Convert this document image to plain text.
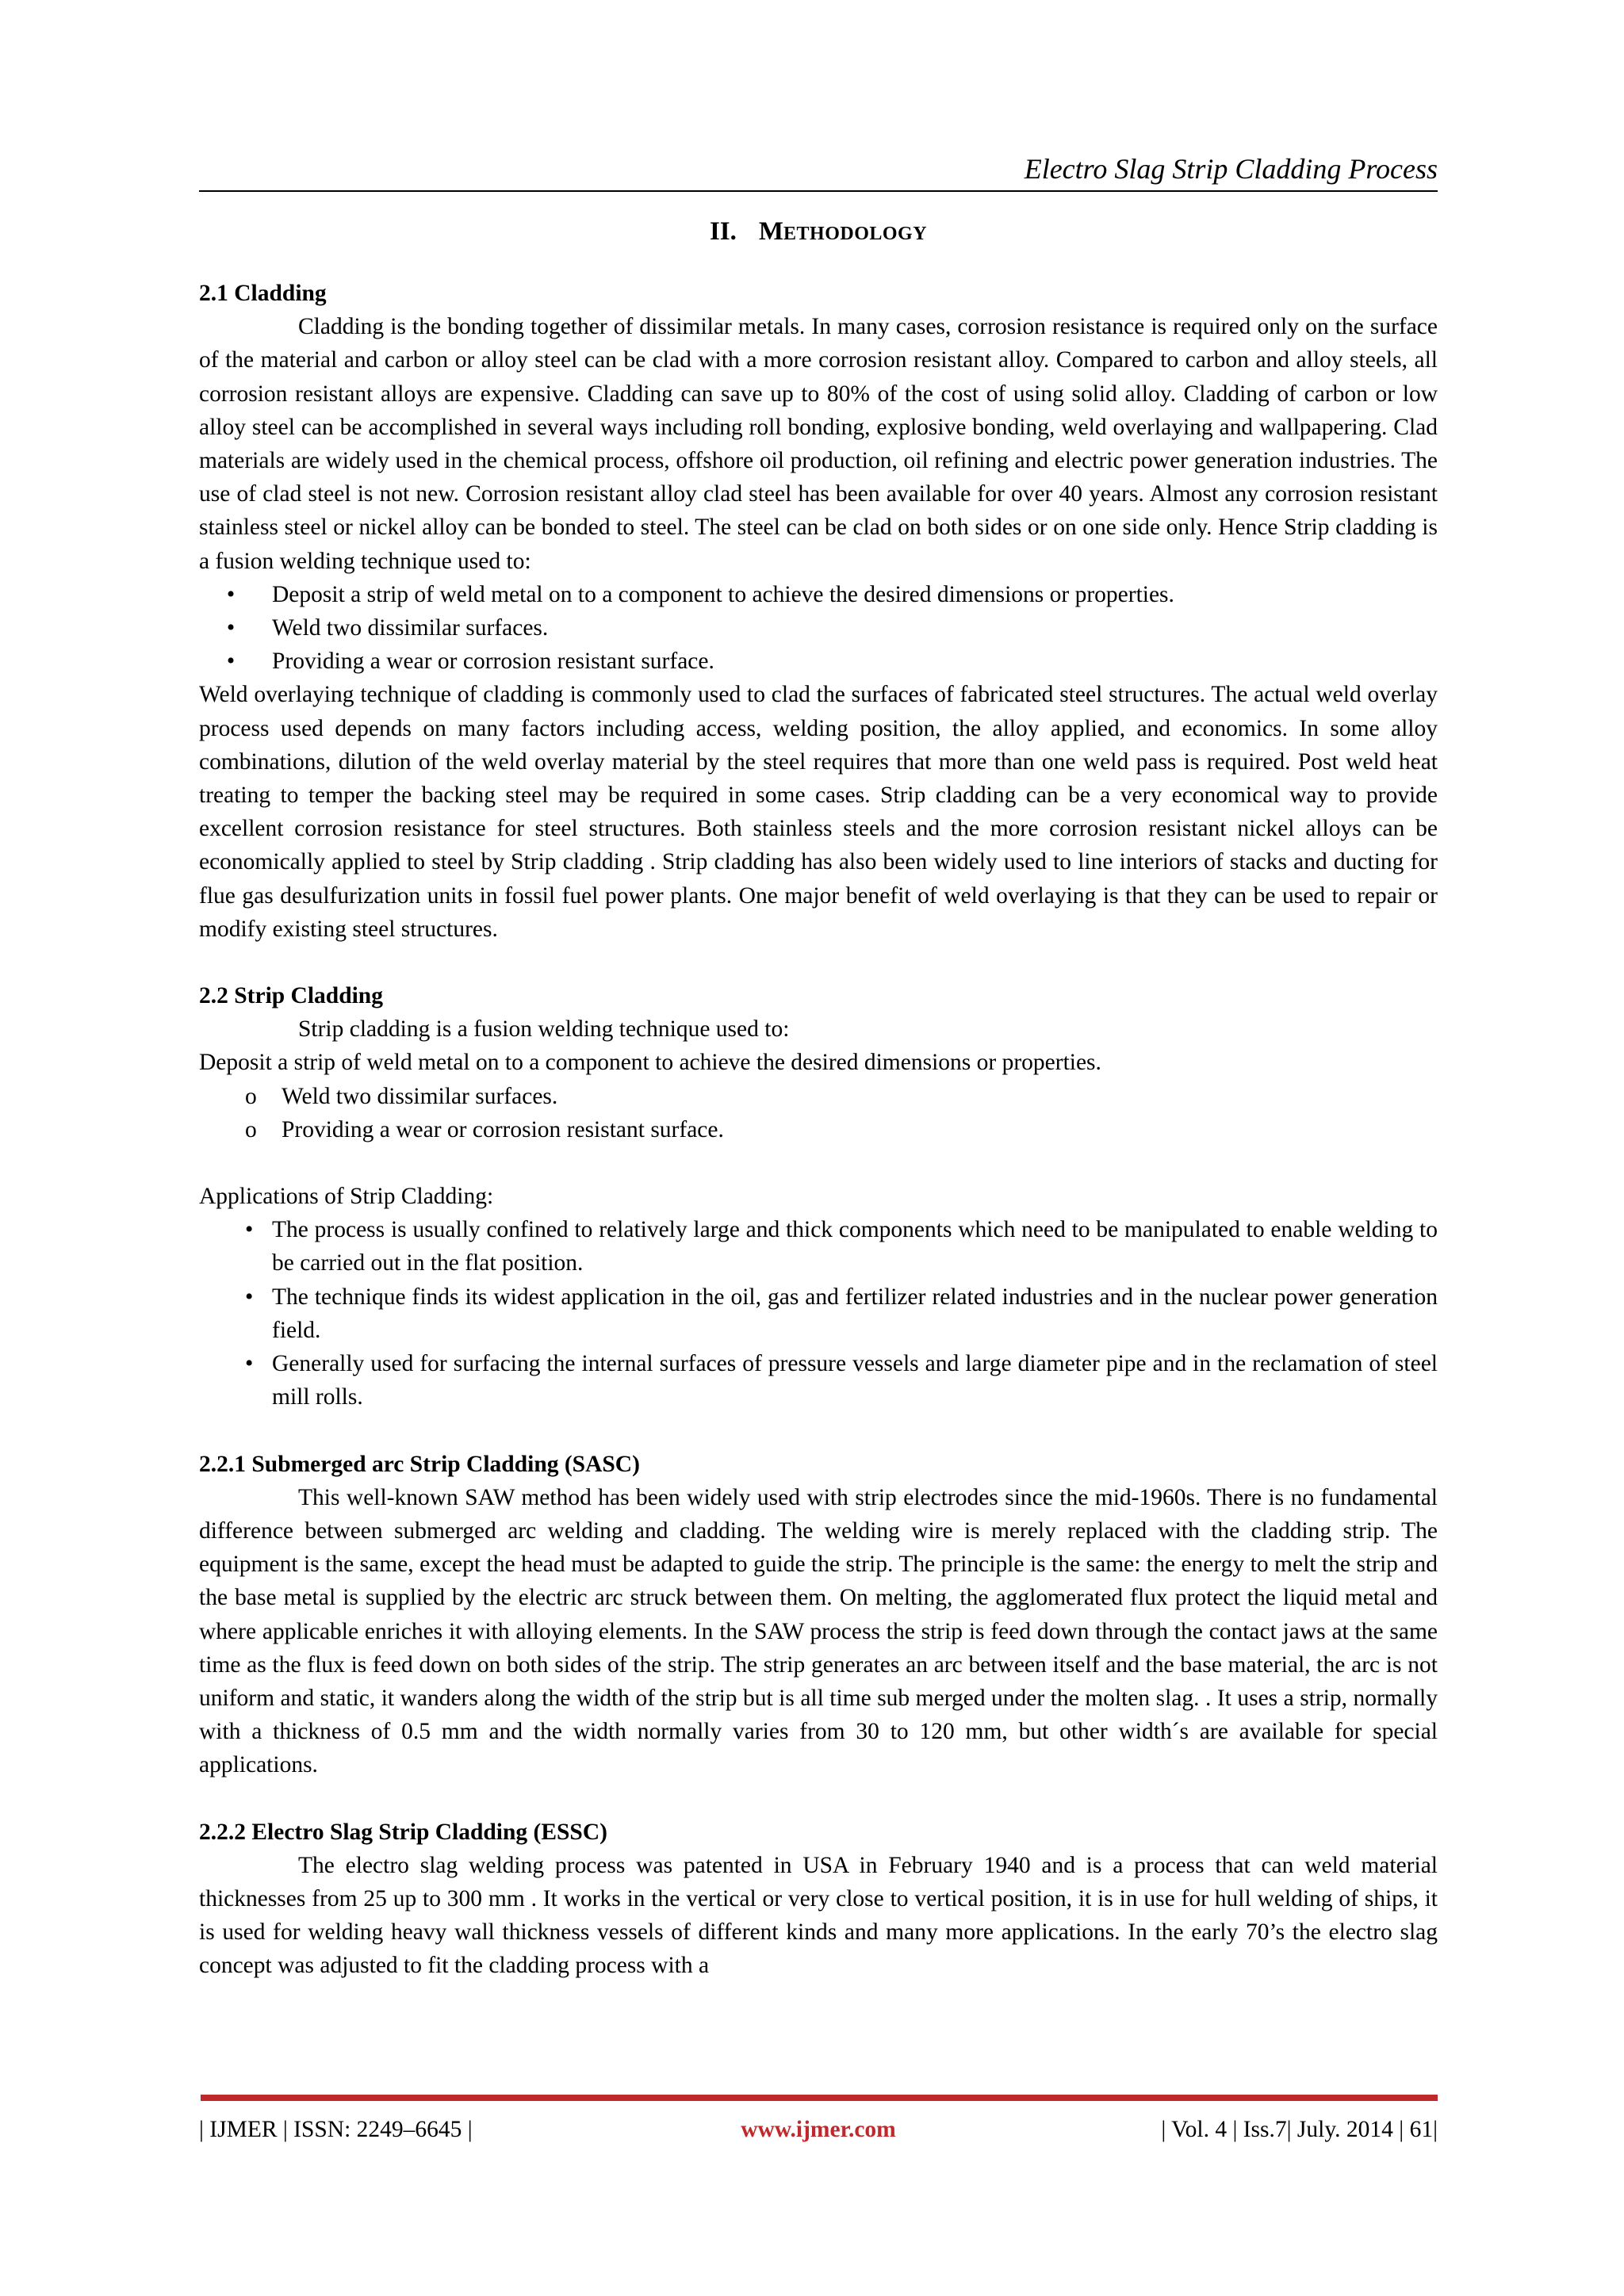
Electro Slag Strip Cladding Process
II. METHODOLOGY
2.1 Cladding

Cladding is the bonding together of dissimilar metals. In many cases, corrosion resistance is required only on the surface of the material and carbon or alloy steel can be clad with a more corrosion resistant alloy. Compared to carbon and alloy steels, all corrosion resistant alloys are expensive. Cladding can save up to 80% of the cost of using solid alloy. Cladding of carbon or low alloy steel can be accomplished in several ways including roll bonding, explosive bonding, weld overlaying and wallpapering. Clad materials are widely used in the chemical process, offshore oil production, oil refining and electric power generation industries. The use of clad steel is not new. Corrosion resistant alloy clad steel has been available for over 40 years. Almost any corrosion resistant stainless steel or nickel alloy can be bonded to steel. The steel can be clad on both sides or on one side only. Hence Strip cladding is a fusion welding technique used to:

• Deposit a strip of weld metal on to a component to achieve the desired dimensions or properties.
• Weld two dissimilar surfaces.
• Providing a wear or corrosion resistant surface.

Weld overlaying technique of cladding is commonly used to clad the surfaces of fabricated steel structures. The actual weld overlay process used depends on many factors including access, welding position, the alloy applied, and economics. In some alloy combinations, dilution of the weld overlay material by the steel requires that more than one weld pass is required. Post weld heat treating to temper the backing steel may be required in some cases. Strip cladding can be a very economical way to provide excellent corrosion resistance for steel structures. Both stainless steels and the more corrosion resistant nickel alloys can be economically applied to steel by Strip cladding . Strip cladding has also been widely used to line interiors of stacks and ducting for flue gas desulfurization units in fossil fuel power plants. One major benefit of weld overlaying is that they can be used to repair or modify existing steel structures.

2.2 Strip Cladding

Strip cladding is a fusion welding technique used to:

Deposit a strip of weld metal on to a component to achieve the desired dimensions or properties.

o Weld two dissimilar surfaces.
o Providing a wear or corrosion resistant surface.

Applications of Strip Cladding:

• The process is usually confined to relatively large and thick components which need to be manipulated to enable welding to be carried out in the flat position.
• The technique finds its widest application in the oil, gas and fertilizer related industries and in the nuclear power generation field.
• Generally used for surfacing the internal surfaces of pressure vessels and large diameter pipe and in the reclamation of steel mill rolls.
2.2.1 Submerged arc Strip Cladding (SASC)

This well-known SAW method has been widely used with strip electrodes since the mid-1960s. There is no fundamental difference between submerged arc welding and cladding. The welding wire is merely replaced with the cladding strip. The equipment is the same, except the head must be adapted to guide the strip. The principle is the same: the energy to melt the strip and the base metal is supplied by the electric arc struck between them. On melting, the agglomerated flux protect the liquid metal and where applicable enriches it with alloying elements. In the SAW process the strip is feed down through the contact jaws at the same time as the flux is feed down on both sides of the strip. The strip generates an arc between itself and the base material, the arc is not uniform and static, it wanders along the width of the strip but is all time sub merged under the molten slag. . It uses a strip, normally with a thickness of 0.5 mm and the width normally varies from 30 to 120 mm, but other width´s are available for special applications.

2.2.2 Electro Slag Strip Cladding (ESSC)

The electro slag welding process was patented in USA in February 1940 and is a process that can weld material thicknesses from 25 up to 300 mm . It works in the vertical or very close to vertical position, it is in use for hull welding of ships, it is used for welding heavy wall thickness vessels of different kinds and many more applications. In the early 70’s the electro slag concept was adjusted to fit the cladding process with a

| IJMER | ISSN: 2249–6645 |	www.ijmer.com	| Vol. 4 | Iss.7| July. 2014 | 61|
